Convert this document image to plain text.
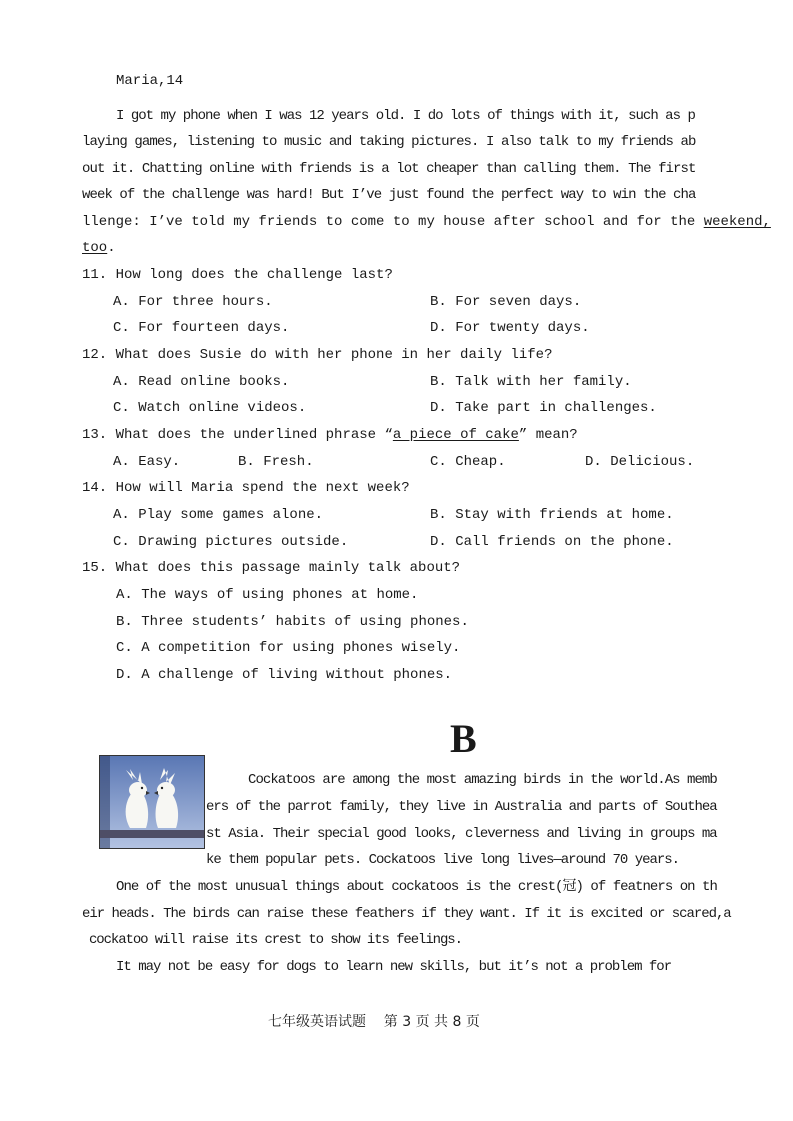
Maria,14
I got my phone when I was 12 years old. I do lots of things with it, such as p
laying games, listening to music and taking pictures. I also talk to my friends ab
out it. Chatting online with friends is a lot cheaper than calling them. The first
week of the challenge was hard! But I’ve just found the perfect way to win the cha
llenge: I’ve told my friends to come to my house after school and for the weekend,
too.
11. How long does the challenge last?
A. For three hours.	B. For seven days.
C. For fourteen days.	D. For twenty days.
12. What does Susie do with her phone in her daily life?
A. Read online books.	B. Talk with her family.
C. Watch online videos.	D. Take part in challenges.
13. What does the underlined phrase “a piece of cake” mean?
A. Easy.	B. Fresh.	C. Cheap.	D. Delicious.
14. How will Maria spend the next week?
A. Play some games alone.	B. Stay with friends at home.
C. Drawing pictures outside.	D. Call friends on the phone.
15. What does this passage mainly talk about?
A. The ways of using phones at home.
B. Three students’ habits of using phones.
C. A competition for using phones wisely.
D. A challenge of living without phones.
B
Cockatoos are among the most amazing birds in the world.As memb
ers of the parrot family, they live in Australia and parts of Southea
st Asia. Their special good looks, cleverness and living in groups ma
ke them popular pets. Cockatoos live long lives—around 70 years.
One of the most unusual things about cockatoos is the crest(冠) of featners on th
eir heads. The birds can raise these feathers if they want. If it is excited or scared,a
cockatoo will raise its crest to show its feelings.
It may not be easy for dogs to learn new skills, but it’s not a problem for
七年级英语试题    第 3 页 共 8 页
